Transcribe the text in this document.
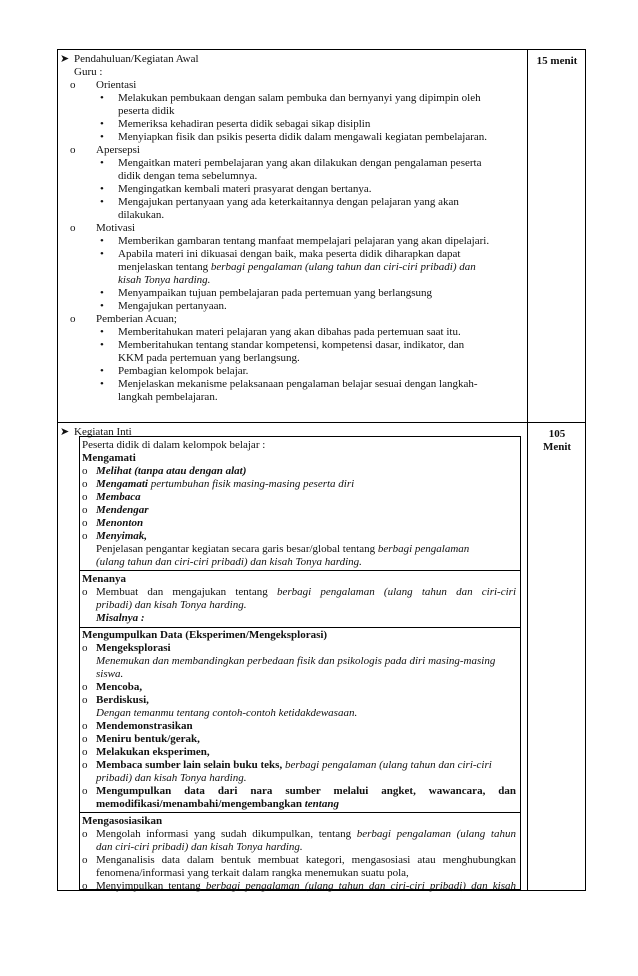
15 menit
105
Menit
➤ Pendahuluan/Kegiatan Awal
Guru :
o Orientasi
• Melakukan pembukaan dengan salam pembuka dan bernyanyi yang dipimpin oleh
peserta didik
• Memeriksa kehadiran peserta didik sebagai sikap disiplin
• Menyiapkan fisik dan psikis peserta didik dalam mengawali kegiatan pembelajaran.
o Apersepsi
• Mengaitkan materi pembelajaran yang akan dilakukan dengan pengalaman peserta
didik dengan tema sebelumnya.
• Mengingatkan kembali materi prasyarat dengan bertanya.
• Mengajukan pertanyaan yang ada keterkaitannya dengan pelajaran yang akan
dilakukan.
o Motivasi
• Memberikan gambaran tentang manfaat mempelajari pelajaran yang akan dipelajari.
• Apabila materi ini dikuasai dengan baik, maka peserta didik diharapkan dapat
menjelaskan tentang berbagi pengalaman (ulang tahun dan ciri-ciri pribadi) dan
kisah Tonya harding.
• Menyampaikan tujuan pembelajaran pada pertemuan yang berlangsung
• Mengajukan pertanyaan.
o Pemberian Acuan;
• Memberitahukan materi pelajaran yang akan dibahas pada pertemuan saat itu.
• Memberitahukan tentang standar kompetensi, kompetensi dasar, indikator, dan
KKM pada pertemuan yang berlangsung.
• Pembagian kelompok belajar.
• Menjelaskan mekanisme pelaksanaan pengalaman belajar sesuai dengan langkah-
langkah pembelajaran.
➤ Kegiatan Inti
Peserta didik di dalam kelompok belajar :
Mengamati
o Melihat (tanpa atau dengan alat)
o Mengamati pertumbuhan fisik masing-masing peserta diri
o Membaca
o Mendengar
o Menonton
o Menyimak,
Penjelasan pengantar kegiatan secara garis besar/global tentang berbagi pengalaman
(ulang tahun dan ciri-ciri pribadi) dan kisah Tonya harding.
Menanya
o Membuat dan mengajukan tentang berbagi pengalaman (ulang tahun dan ciri-ciri
pribadi) dan kisah Tonya harding.
Misalnya :
Mengumpulkan Data (Eksperimen/Mengeksplorasi)
o Mengeksplorasi
Menemukan dan membandingkan perbedaan fisik dan psikologis pada diri masing-masing
siswa.
o Mencoba,
o Berdiskusi,
Dengan temanmu tentang contoh-contoh ketidakdewasaan.
o Mendemonstrasikan
o Meniru bentuk/gerak,
o Melakukan eksperimen,
o Membaca sumber lain selain buku teks, berbagi pengalaman (ulang tahun dan ciri-ciri
pribadi) dan kisah Tonya harding.
o Mengumpulkan data dari nara sumber melalui angket, wawancara, dan
memodifikasi/menambahi/mengembangkan tentang
Mengasosiasikan
o Mengolah informasi yang sudah dikumpulkan, tentang berbagi pengalaman (ulang tahun
dan ciri-ciri pribadi) dan kisah Tonya harding.
o Menganalisis data dalam bentuk membuat kategori, mengasosiasi atau menghubungkan
fenomena/informasi yang terkait dalam rangka menemukan suatu pola,
o Menyimpulkan tentang berbagi pengalaman (ulang tahun dan ciri-ciri pribadi) dan kisah
